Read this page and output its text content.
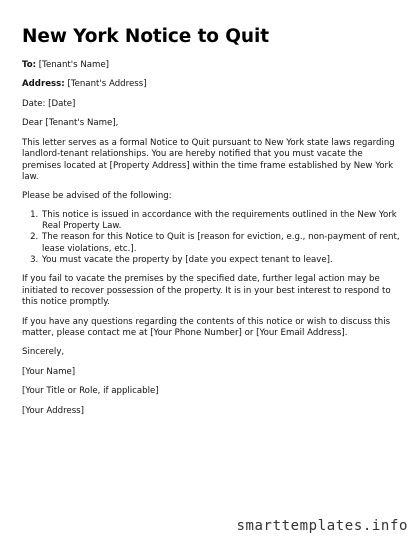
New York Notice to Quit

To: [Tenant's Name]

Address: [Tenant's Address]

Date: [Date]

Dear [Tenant's Name],

This letter serves as a formal Notice to Quit pursuant to New York state laws regarding landlord-tenant relationships. You are hereby notified that you must vacate the premises located at [Property Address] within the time frame established by New York law.

Please be advised of the following:

1. This notice is issued in accordance with the requirements outlined in the New York Real Property Law.
2. The reason for this Notice to Quit is [reason for eviction, e.g., non-payment of rent, lease violations, etc.].
3. You must vacate the property by [date you expect tenant to leave].

If you fail to vacate the premises by the specified date, further legal action may be initiated to recover possession of the property. It is in your best interest to respond to this notice promptly.

If you have any questions regarding the contents of this notice or wish to discuss this matter, please contact me at [Your Phone Number] or [Your Email Address].

Sincerely,

[Your Name]

[Your Title or Role, if applicable]

[Your Address]

smarttemplates.info
